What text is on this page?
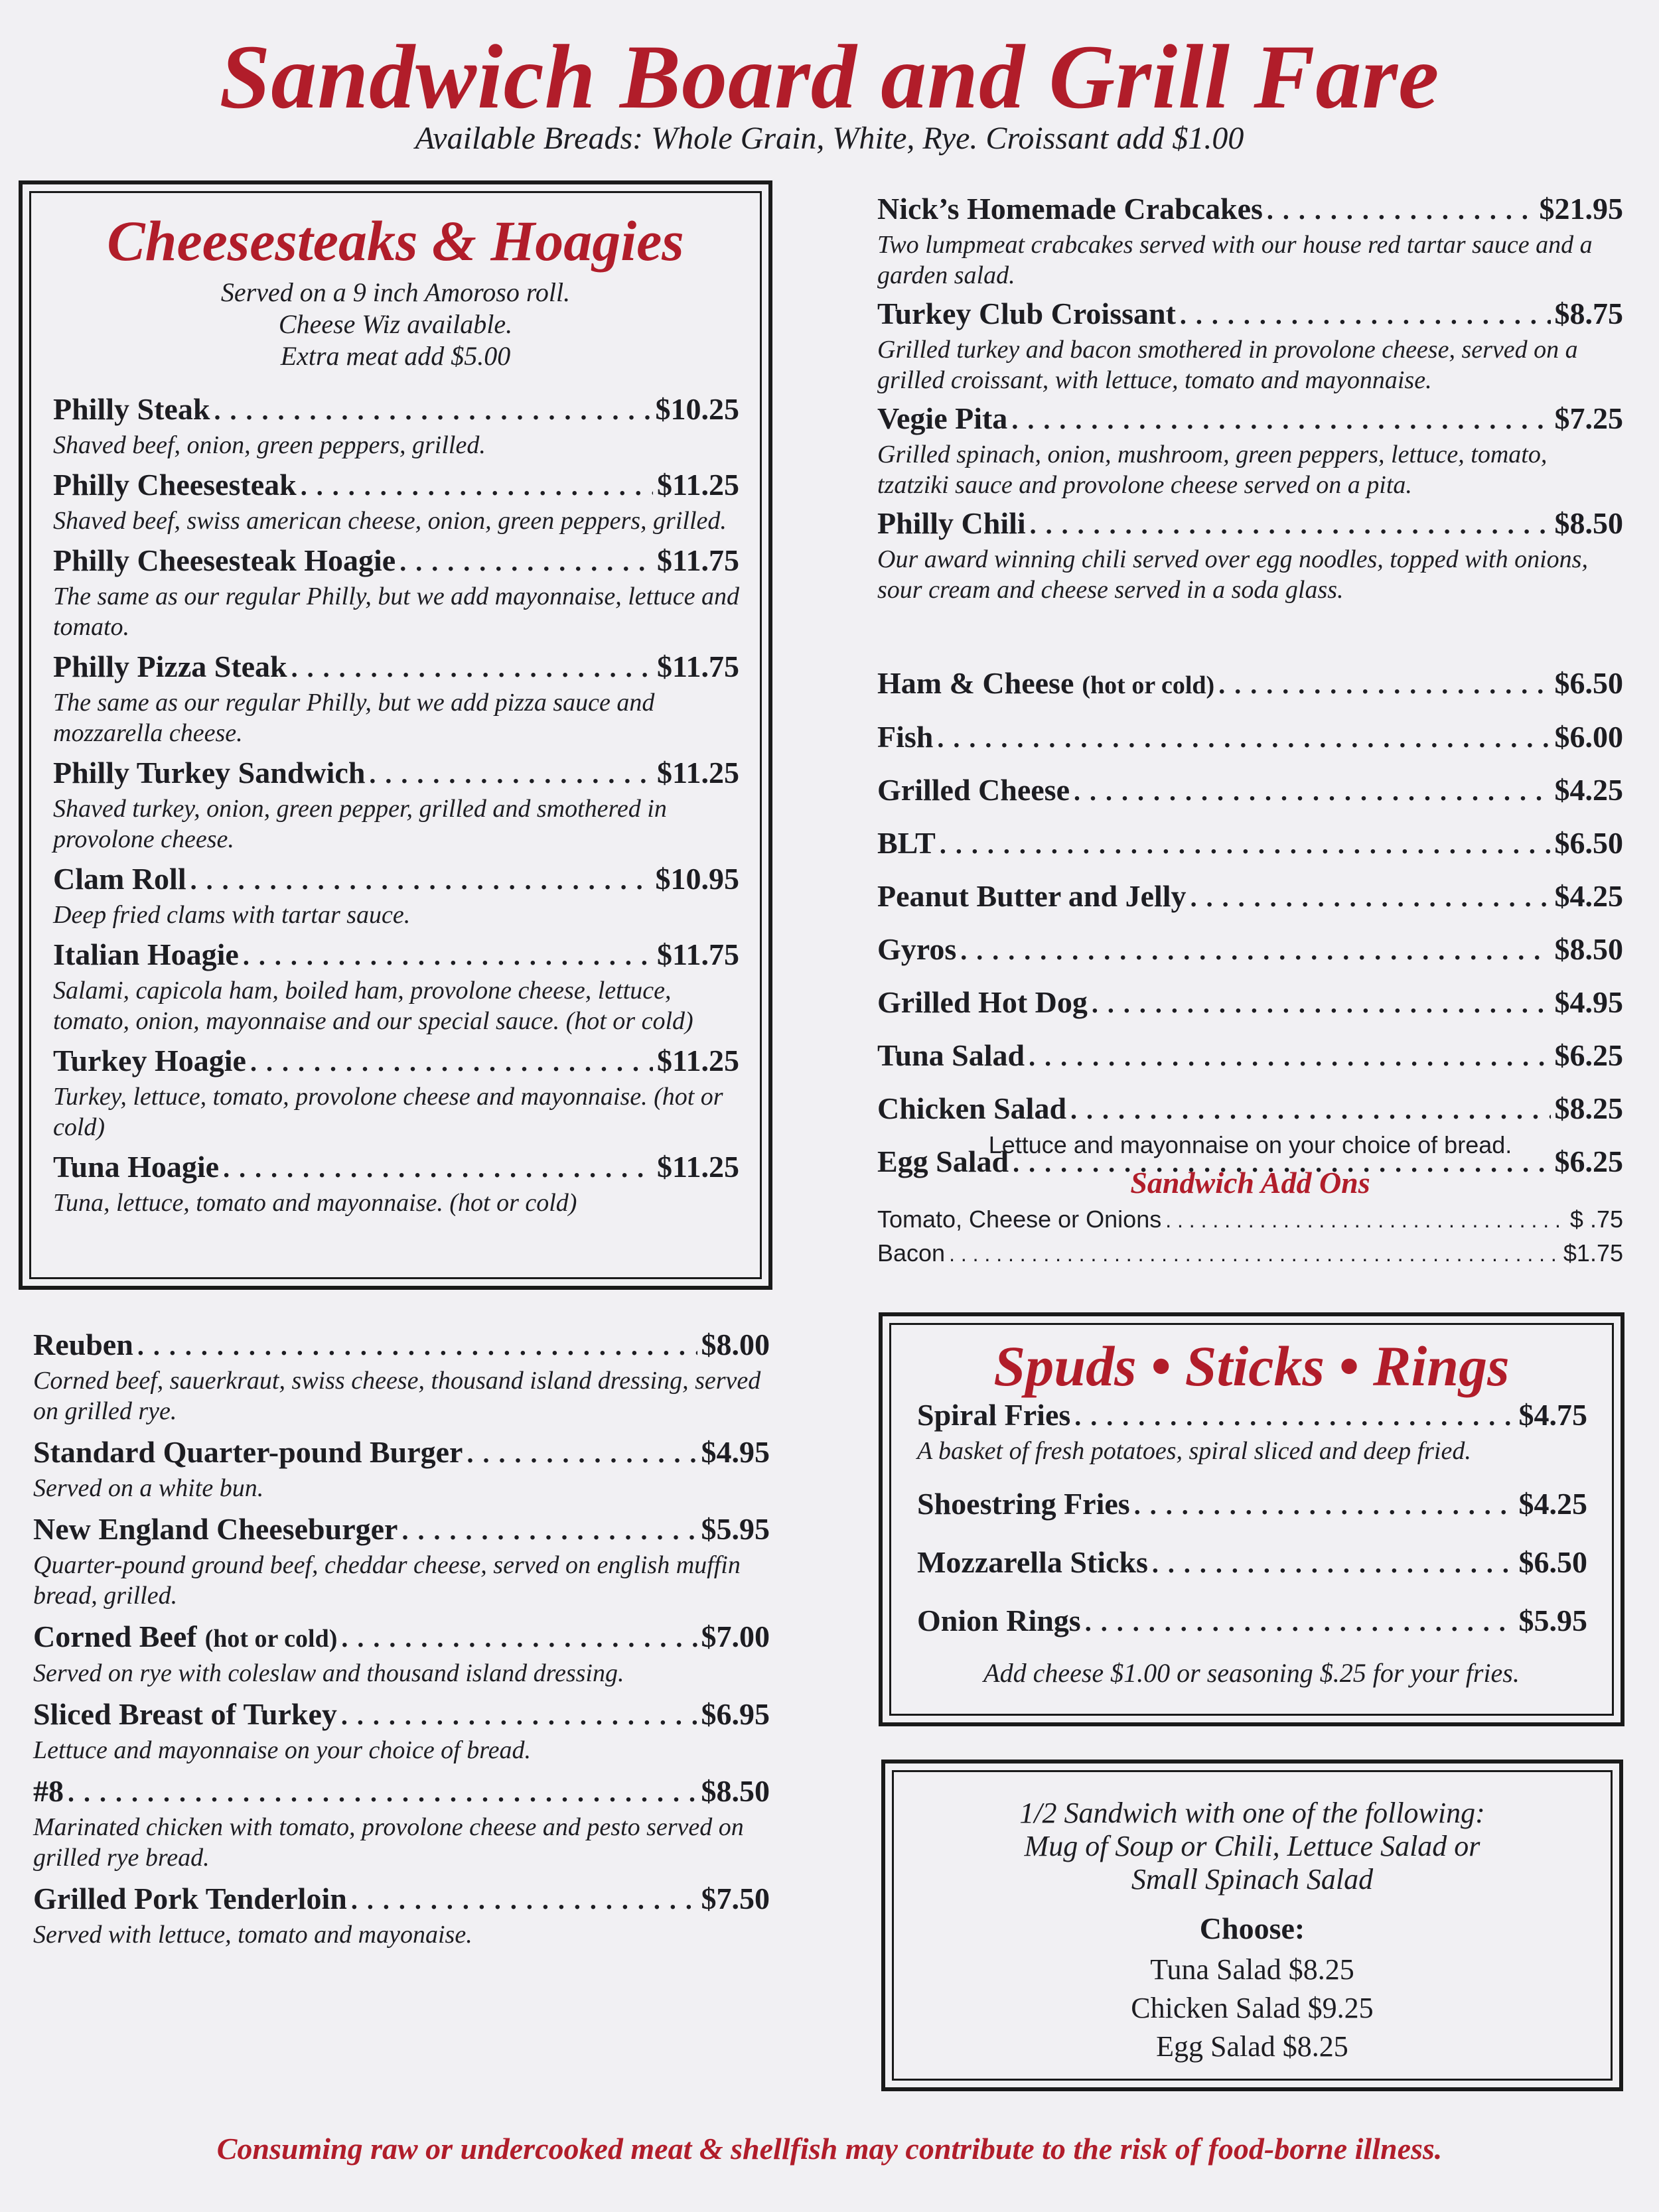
Sandwich Board and Grill Fare
Available Breads: Whole Grain, White, Rye. Croissant add $1.00
Cheesesteaks & Hoagies
Served on a 9 inch Amoroso roll.
Cheese Wiz available.
Extra meat add $5.00
Philly Steak . . .	$10.25
Shaved beef, onion, green peppers, grilled.
Philly Cheesesteak . . .	$11.25
Shaved beef, swiss american cheese, onion, green peppers, grilled.
Philly Cheesesteak Hoagie . . .	$11.75
The same as our regular Philly, but we add mayonnaise, lettuce and tomato.
Philly Pizza Steak . . .	$11.75
The same as our regular Philly, but we add pizza sauce and mozzarella cheese.
Philly Turkey Sandwich . . .	$11.25
Shaved turkey, onion, green pepper, grilled and smothered in provolone cheese.
Clam Roll . . .	$10.95
Deep fried clams with tartar sauce.
Italian Hoagie . . .	$11.75
Salami, capicola ham, boiled ham, provolone cheese, lettuce, tomato, onion, mayonnaise and our special sauce. (hot or cold)
Turkey Hoagie . . .	$11.25
Turkey, lettuce, tomato, provolone cheese and mayonnaise. (hot or cold)
Tuna Hoagie . . .	$11.25
Tuna, lettuce, tomato and mayonnaise. (hot or cold)
Reuben . . .	$8.00
Corned beef, sauerkraut, swiss cheese, thousand island dressing, served on grilled rye.
Standard Quarter-pound Burger . . .	$4.95
Served on a white bun.
New England Cheeseburger . . .	$5.95
Quarter-pound ground beef, cheddar cheese, served on english muffin bread, grilled.
Corned Beef (hot or cold) . . .	$7.00
Served on rye with coleslaw and thousand island dressing.
Sliced Breast of Turkey . . .	$6.95
Lettuce and mayonnaise on your choice of bread.
#8 . . .	$8.50
Marinated chicken with tomato, provolone cheese and pesto served on grilled rye bread.
Grilled Pork Tenderloin . . .	$7.50
Served with lettuce, tomato and mayonaise.
Nick’s Homemade Crabcakes . . .	$21.95
Two lumpmeat crabcakes served with our house red tartar sauce and a garden salad.
Turkey Club Croissant . . .	$8.75
Grilled turkey and bacon smothered in provolone cheese, served on a grilled croissant, with lettuce, tomato and mayonnaise.
Vegie Pita . . .	$7.25
Grilled spinach, onion, mushroom, green peppers, lettuce, tomato, tzatziki sauce and provolone cheese served on a pita.
Philly Chili . . .	$8.50
Our award winning chili served over egg noodles, topped with onions, sour cream and cheese served in a soda glass.
Ham & Cheese (hot or cold) . . .	$6.50
Fish . . .	$6.00
Grilled Cheese . . .	$4.25
BLT . . .	$6.50
Peanut Butter and Jelly . . .	$4.25
Gyros . . .	$8.50
Grilled Hot Dog . . .	$4.95
Tuna Salad . . .	$6.25
Chicken Salad . . .	$8.25
Egg Salad . . .	$6.25
Lettuce and mayonnaise on your choice of bread.
Sandwich Add Ons
Tomato, Cheese or Onions . . .	$ .75
Bacon . . .	$1.75
Spuds • Sticks • Rings
Spiral Fries . . .	$4.75
A basket of fresh potatoes, spiral sliced and deep fried.
Shoestring Fries . . .	$4.25
Mozzarella Sticks . . .	$6.50
Onion Rings . . .	$5.95
Add cheese $1.00 or seasoning $.25 for your fries.
1/2 Sandwich with one of the following:
Mug of Soup or Chili, Lettuce Salad or
Small Spinach Salad
Choose:
Tuna Salad $8.25
Chicken Salad $9.25
Egg Salad $8.25
Consuming raw or undercooked meat & shellfish may contribute to the risk of food-borne illness.
